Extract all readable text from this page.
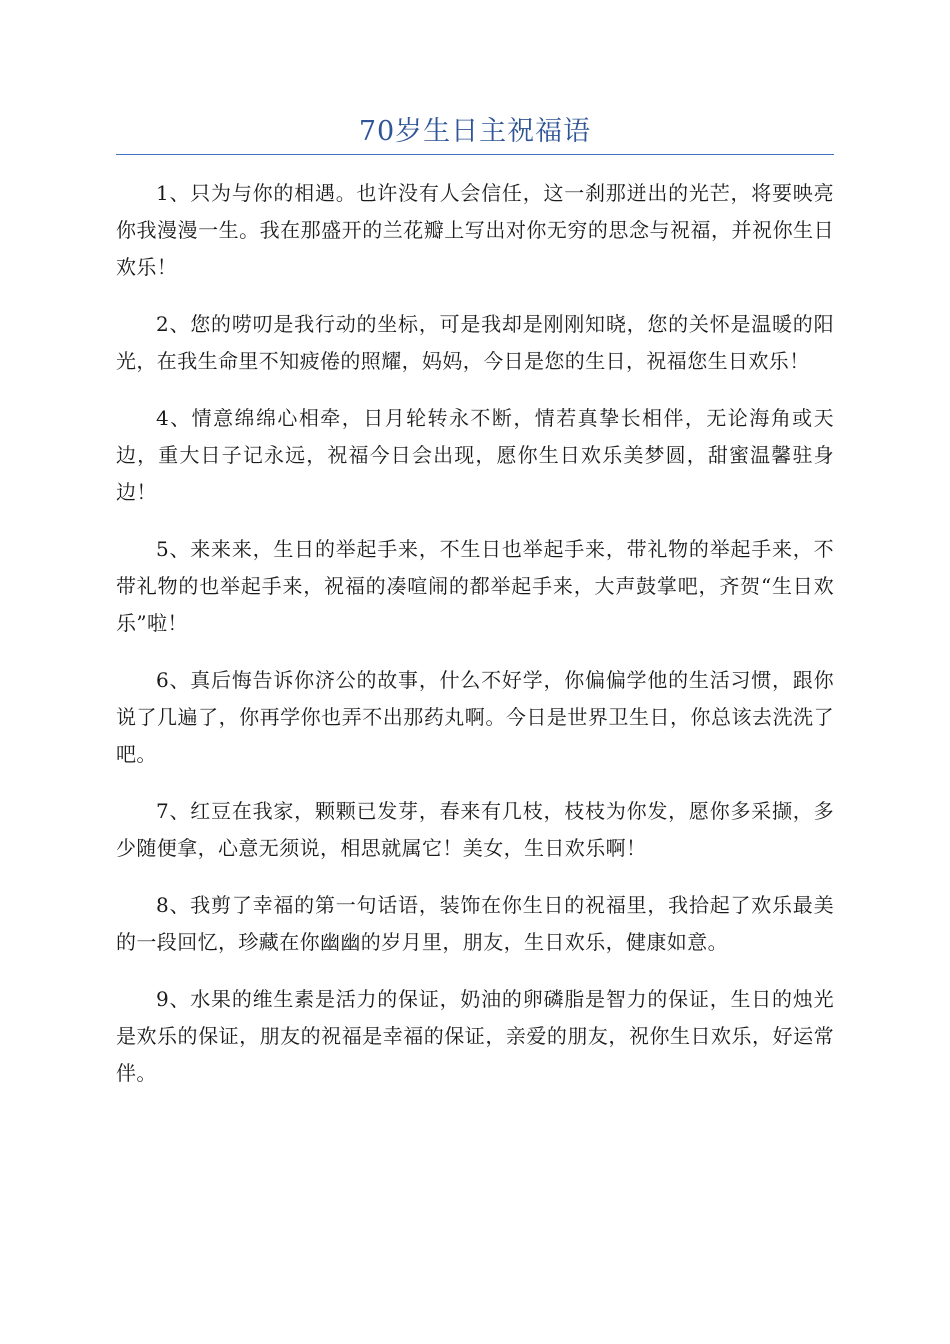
70岁生日主祝福语

1、只为与你的相遇。也许没有人会信任，这一刹那迸出的光芒，将要映亮你我漫漫一生。我在那盛开的兰花瓣上写出对你无穷的思念与祝福，并祝你生日欢乐！

2、您的唠叨是我行动的坐标，可是我却是刚刚知晓，您的关怀是温暖的阳光，在我生命里不知疲倦的照耀，妈妈，今日是您的生日，祝福您生日欢乐！

4、情意绵绵心相牵，日月轮转永不断，情若真挚长相伴，无论海角或天边，重大日子记永远，祝福今日会出现，愿你生日欢乐美梦圆，甜蜜温馨驻身边！

5、来来来，生日的举起手来，不生日也举起手来，带礼物的举起手来，不带礼物的也举起手来，祝福的凑喧闹的都举起手来，大声鼓掌吧，齐贺“生日欢乐”啦！

6、真后悔告诉你济公的故事，什么不好学，你偏偏学他的生活习惯，跟你说了几遍了，你再学你也弄不出那药丸啊。今日是世界卫生日，你总该去洗洗了吧。

7、红豆在我家，颗颗已发芽，春来有几枝，枝枝为你发，愿你多采撷，多少随便拿，心意无须说，相思就属它！美女，生日欢乐啊！

8、我剪了幸福的第一句话语，装饰在你生日的祝福里，我拾起了欢乐最美的一段回忆，珍藏在你幽幽的岁月里，朋友，生日欢乐，健康如意。

9、水果的维生素是活力的保证，奶油的卵磷脂是智力的保证，生日的烛光是欢乐的保证，朋友的祝福是幸福的保证，亲爱的朋友，祝你生日欢乐，好运常伴。
